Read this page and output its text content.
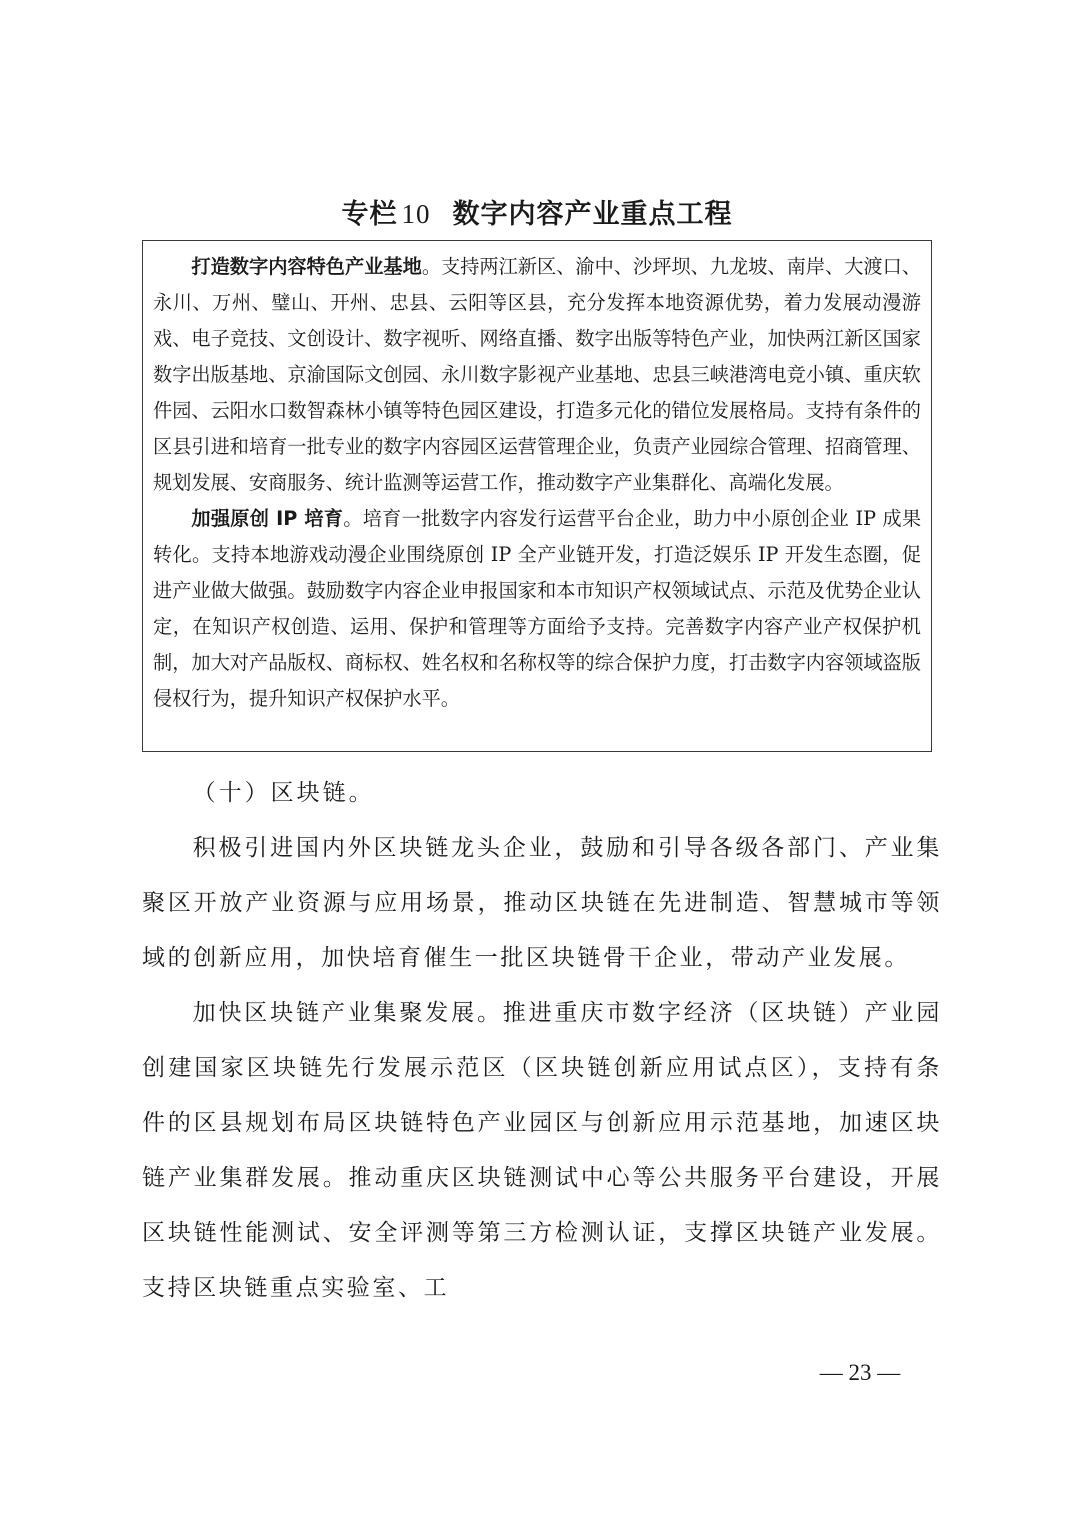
专栏 10 数字内容产业重点工程

打造数字内容特色产业基地。支持两江新区、渝中、沙坪坝、九龙坡、南岸、大渡口、永川、万州、璧山、开州、忠县、云阳等区县，充分发挥本地资源优势，着力发展动漫游戏、电子竞技、文创设计、数字视听、网络直播、数字出版等特色产业，加快两江新区国家数字出版基地、京渝国际文创园、永川数字影视产业基地、忠县三峡港湾电竞小镇、重庆软件园、云阳水口数智森林小镇等特色园区建设，打造多元化的错位发展格局。支持有条件的区县引进和培育一批专业的数字内容园区运营管理企业，负责产业园综合管理、招商管理、规划发展、安商服务、统计监测等运营工作，推动数字产业集群化、高端化发展。

加强原创 IP 培育。培育一批数字内容发行运营平台企业，助力中小原创企业 IP 成果转化。支持本地游戏动漫企业围绕原创 IP 全产业链开发，打造泛娱乐 IP 开发生态圈，促进产业做大做强。鼓励数字内容企业申报国家和本市知识产权领域试点、示范及优势企业认定，在知识产权创造、运用、保护和管理等方面给予支持。完善数字内容产业产权保护机制，加大对产品版权、商标权、姓名权和名称权等的综合保护力度，打击数字内容领域盗版侵权行为，提升知识产权保护水平。

（十）区块链。

积极引进国内外区块链龙头企业，鼓励和引导各级各部门、产业集聚区开放产业资源与应用场景，推动区块链在先进制造、智慧城市等领域的创新应用，加快培育催生一批区块链骨干企业，带动产业发展。

加快区块链产业集聚发展。推进重庆市数字经济（区块链）产业园创建国家区块链先行发展示范区（区块链创新应用试点区），支持有条件的区县规划布局区块链特色产业园区与创新应用示范基地，加速区块链产业集群发展。推动重庆区块链测试中心等公共服务平台建设，开展区块链性能测试、安全评测等第三方检测认证，支撑区块链产业发展。支持区块链重点实验室、工

— 23 —
